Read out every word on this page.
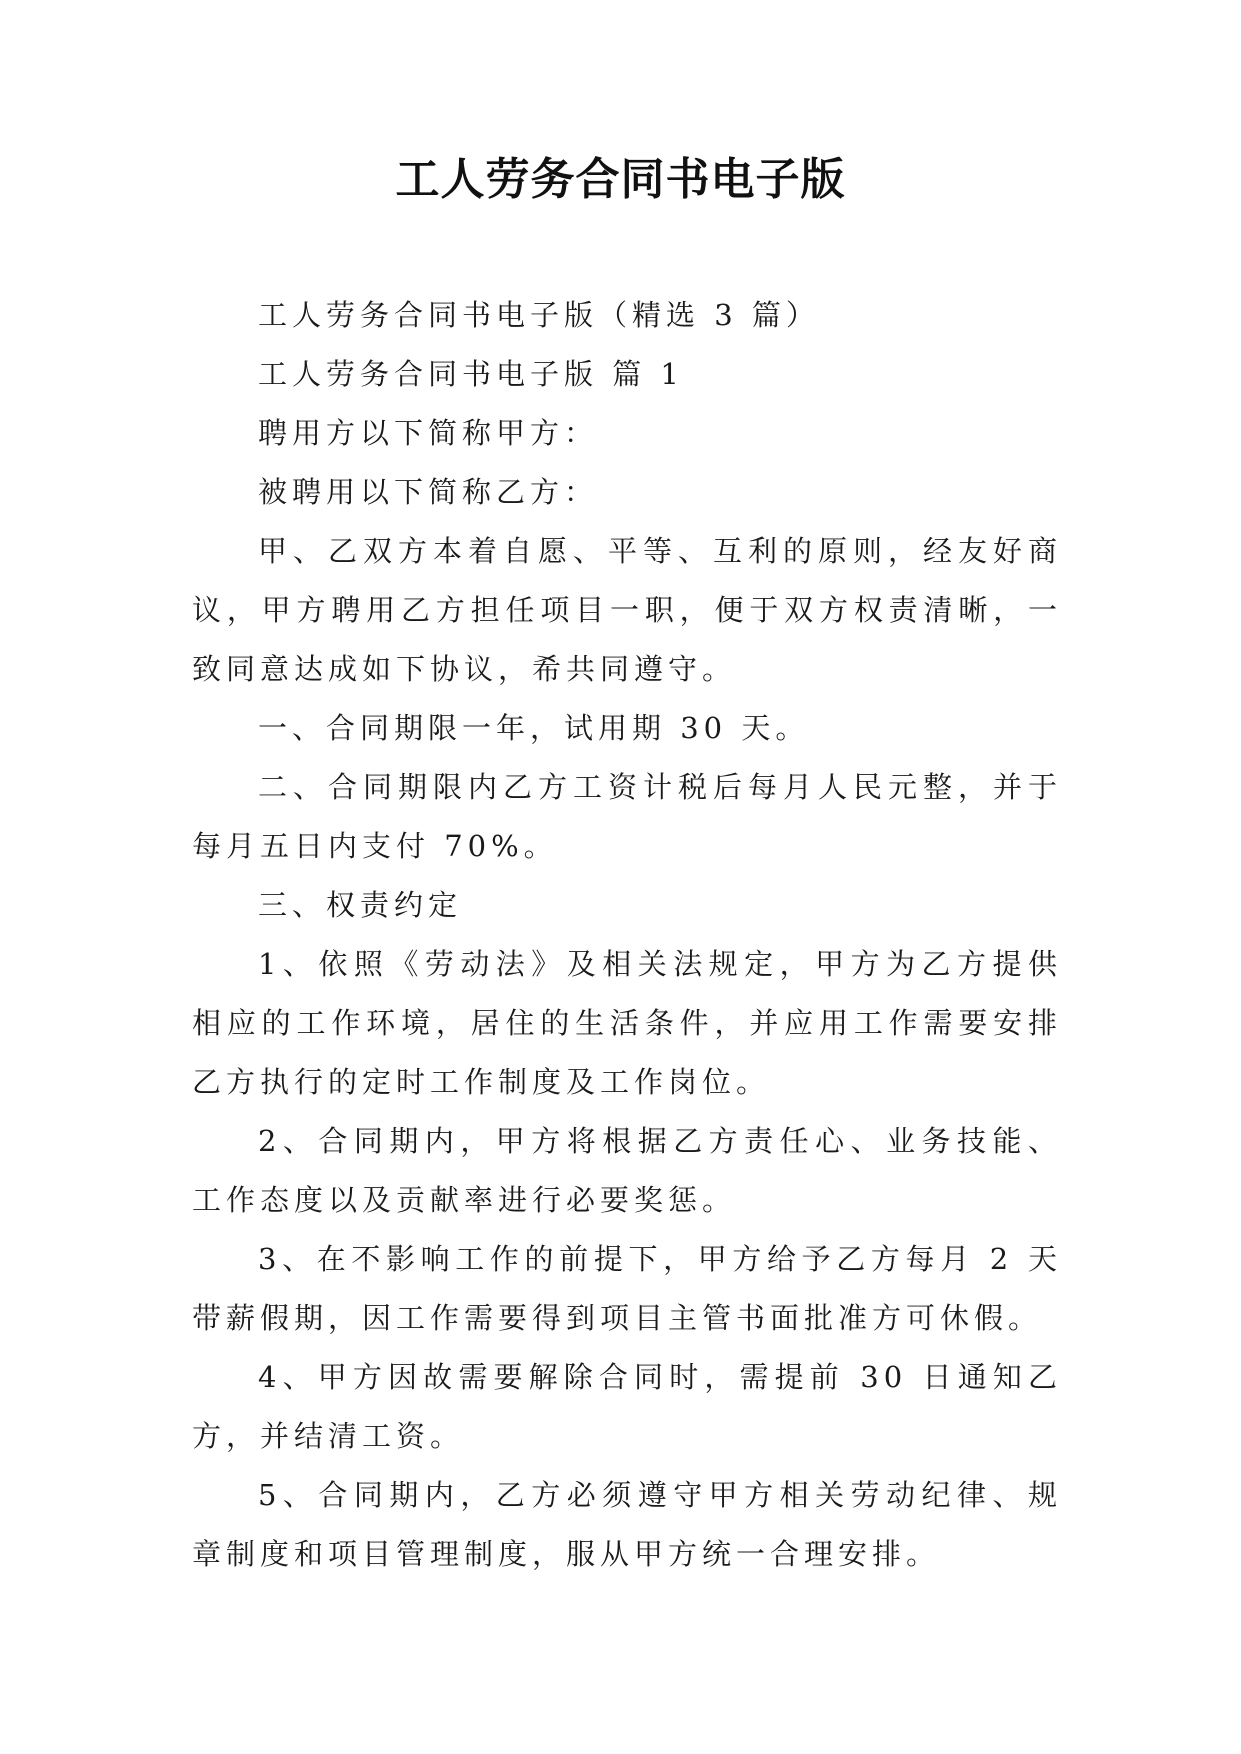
工人劳务合同书电子版

工人劳务合同书电子版（精选 3 篇）

工人劳务合同书电子版 篇 1

聘用方以下简称甲方：

被聘用以下简称乙方：

甲、乙双方本着自愿、平等、互利的原则，经友好商议，甲方聘用乙方担任项目一职，便于双方权责清晰，一致同意达成如下协议，希共同遵守。

一、合同期限一年，试用期 30 天。

二、合同期限内乙方工资计税后每月人民元整，并于每月五日内支付 70%。

三、权责约定

1、依照《劳动法》及相关法规定，甲方为乙方提供相应的工作环境，居住的生活条件，并应用工作需要安排乙方执行的定时工作制度及工作岗位。

2、合同期内，甲方将根据乙方责任心、业务技能、工作态度以及贡献率进行必要奖惩。

3、在不影响工作的前提下，甲方给予乙方每月 2 天带薪假期，因工作需要得到项目主管书面批准方可休假。

4、甲方因故需要解除合同时，需提前 30 日通知乙方，并结清工资。

5、合同期内，乙方必须遵守甲方相关劳动纪律、规章制度和项目管理制度，服从甲方统一合理安排。
